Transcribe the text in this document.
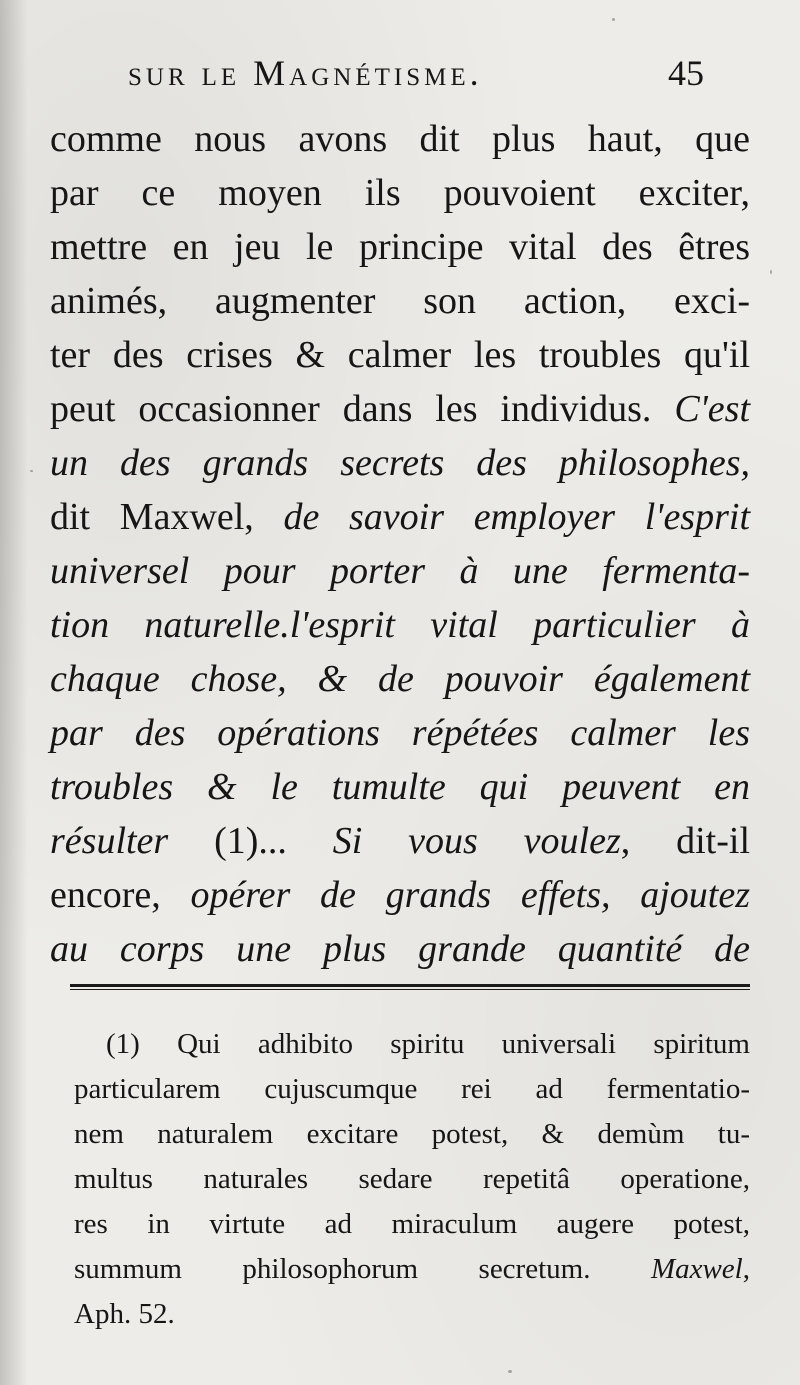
sur le Magnétisme.	45
comme nous avons dit plus haut, que
par ce moyen ils pouvoient exciter,
mettre en jeu le principe vital des êtres
animés, augmenter son action, exci-
ter des crises & calmer les troubles qu'il
peut occasionner dans les individus. C'est
un des grands secrets des philosophes,
dit Maxwel, de savoir employer l'esprit
universel pour porter à une fermenta-
tion naturelle.l'esprit vital particulier à
chaque chose, & de pouvoir également
par des opérations répétées calmer les
troubles & le tumulte qui peuvent en
résulter (1)... Si vous voulez, dit-il
encore, opérer de grands effets, ajoutez
au corps une plus grande quantité de
(1) Qui adhibito spiritu universali spiritum
particularem cujuscumque rei ad fermentatio-
nem naturalem excitare potest, & demùm tu-
multus naturales sedare repetitâ operatione,
res in virtute ad miraculum augere potest,
summum philosophorum secretum. Maxwel,
Aph. 52.
